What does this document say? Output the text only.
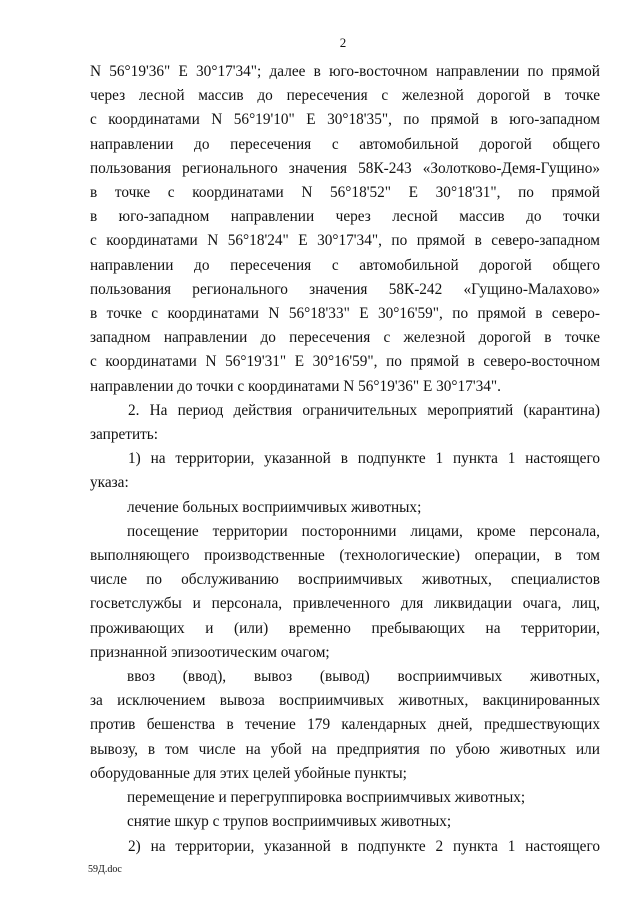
2
N 56°19'36" E 30°17'34"; далее в юго-восточном направлении по прямой
через лесной массив до пересечения с железной дорогой в точке
с координатами N 56°19'10" E 30°18'35", по прямой в юго-западном
направлении до пересечения с автомобильной дорогой общего
пользования регионального значения 58К-243 «Золотково-Демя-Гущино»
в точке с координатами N 56°18'52" E 30°18'31", по прямой
в юго-западном направлении через лесной массив до точки
с координатами N 56°18'24" E 30°17'34", по прямой в северо-западном
направлении до пересечения с автомобильной дорогой общего
пользования регионального значения 58К-242 «Гущино-Малахово»
в точке с координатами N 56°18'33" E 30°16'59", по прямой в северо-
западном направлении до пересечения с железной дорогой в точке
с координатами N 56°19'31" E 30°16'59", по прямой в северо-восточном
направлении до точки с координатами N 56°19'36" E 30°17'34".
2. На период действия ограничительных мероприятий (карантина)
запретить:
1) на территории, указанной в подпункте 1 пункта 1 настоящего
указа:
лечение больных восприимчивых животных;
посещение территории посторонними лицами, кроме персонала,
выполняющего производственные (технологические) операции, в том
числе по обслуживанию восприимчивых животных, специалистов
госветслужбы и персонала, привлеченного для ликвидации очага, лиц,
проживающих и (или) временно пребывающих на территории,
признанной эпизоотическим очагом;
ввоз (ввод), вывоз (вывод) восприимчивых животных,
за исключением вывоза восприимчивых животных, вакцинированных
против бешенства в течение 179 календарных дней, предшествующих
вывозу, в том числе на убой на предприятия по убою животных или
оборудованные для этих целей убойные пункты;
перемещение и перегруппировка восприимчивых животных;
снятие шкур с трупов восприимчивых животных;
2) на территории, указанной в подпункте 2 пункта 1 настоящего
59Д.doc
